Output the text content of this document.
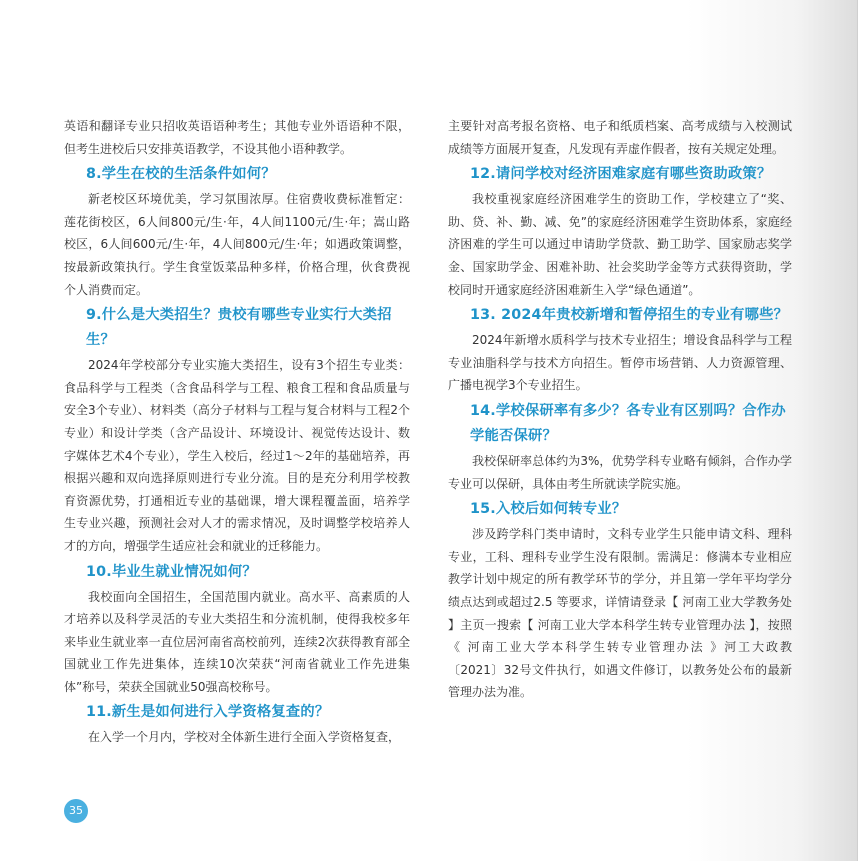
英语和翻译专业只招收英语语种考生；其他专业外语语种不限，但考生进校后只安排英语教学，不设其他小语种教学。

8.学生在校的生活条件如何？

新老校区环境优美，学习氛围浓厚。住宿费收费标准暂定：莲花街校区，6人间800元/生·年，4人间1100元/生·年；嵩山路校区，6人间600元/生·年，4人间800元/生·年；如遇政策调整，按最新政策执行。学生食堂饭菜品种多样，价格合理，伙食费视个人消费而定。

9.什么是大类招生？贵校有哪些专业实行大类招生？

2024年学校部分专业实施大类招生，设有3个招生专业类：食品科学与工程类（含食品科学与工程、粮食工程和食品质量与安全3个专业）、材料类（高分子材料与工程与复合材料与工程2个专业）和设计学类（含产品设计、环境设计、视觉传达设计、数字媒体艺术4个专业），学生入校后，经过1～2年的基础培养，再根据兴趣和双向选择原则进行专业分流。目的是充分利用学校教育资源优势，打通相近专业的基础课，增大课程覆盖面，培养学生专业兴趣，预测社会对人才的需求情况，及时调整学校培养人才的方向，增强学生适应社会和就业的迁移能力。

10.毕业生就业情况如何？

我校面向全国招生，全国范围内就业。高水平、高素质的人才培养以及科学灵活的专业大类招生和分流机制，使得我校多年来毕业生就业率一直位居河南省高校前列，连续2次获得教育部全国就业工作先进集体，连续10次荣获“河南省就业工作先进集体”称号，荣获全国就业50强高校称号。

11.新生是如何进行入学资格复查的？

在入学一个月内，学校对全体新生进行全面入学资格复查，

主要针对高考报名资格、电子和纸质档案、高考成绩与入校测试成绩等方面展开复查，凡发现有弄虚作假者，按有关规定处理。

12.请问学校对经济困难家庭有哪些资助政策？

我校重视家庭经济困难学生的资助工作，学校建立了“奖、助、贷、补、勤、减、免”的家庭经济困难学生资助体系，家庭经济困难的学生可以通过申请助学贷款、勤工助学、国家励志奖学金、国家助学金、困难补助、社会奖助学金等方式获得资助，学校同时开通家庭经济困难新生入学“绿色通道”。

13. 2024年贵校新增和暂停招生的专业有哪些？

2024年新增水质科学与技术专业招生；增设食品科学与工程专业油脂科学与技术方向招生。暂停市场营销、人力资源管理、广播电视学3个专业招生。

14.学校保研率有多少？各专业有区别吗？合作办学能否保研？

我校保研率总体约为3%，优势学科专业略有倾斜，合作办学专业可以保研，具体由考生所就读学院实施。

15.入校后如何转专业？

涉及跨学科门类申请时，文科专业学生只能申请文科、理科专业，工科、理科专业学生没有限制。需满足：修满本专业相应教学计划中规定的所有教学环节的学分，并且第一学年平均学分绩点达到或超过2.5 等要求，详情请登录【 河南工业大学教务处 】主页一搜索【 河南工业大学本科学生转专业管理办法 】，按照《 河南工业大学本科学生转专业管理办法 》河工大政教〔2021〕32号文件执行，如遇文件修订，以教务处公布的最新管理办法为准。

35
